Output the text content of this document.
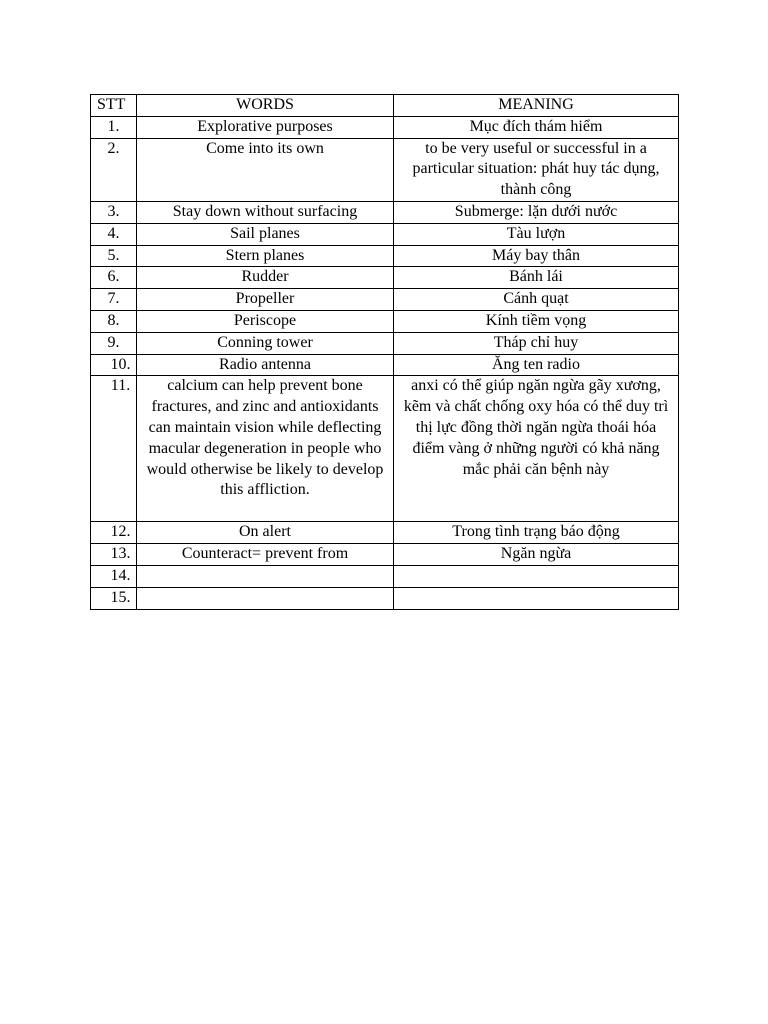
STT	WORDS	MEANING
1.	Explorative purposes	Mục đích thám hiểm
2.	Come into its own	to be very useful or successful in a particular situation: phát huy tác dụng, thành công
3.	Stay down without surfacing	Submerge: lặn dưới nước
4.	Sail planes	Tàu lượn
5.	Stern planes	Máy bay thân
6.	Rudder	Bánh lái
7.	Propeller	Cánh quạt
8.	Periscope	Kính tiềm vọng
9.	Conning tower	Tháp chỉ huy
10.	Radio antenna	Ăng ten radio
11.	calcium can help prevent bone fractures, and zinc and antioxidants can maintain vision while deflecting macular degeneration in people who would otherwise be likely to develop this affliction.	anxi có thể giúp ngăn ngừa gãy xương, kẽm và chất chống oxy hóa có thể duy trì thị lực đồng thời ngăn ngừa thoái hóa điểm vàng ở những người có khả năng mắc phải căn bệnh này
12.	On alert	Trong tình trạng báo động
13.	Counteract= prevent from	Ngăn ngừa
14.		
15.		
